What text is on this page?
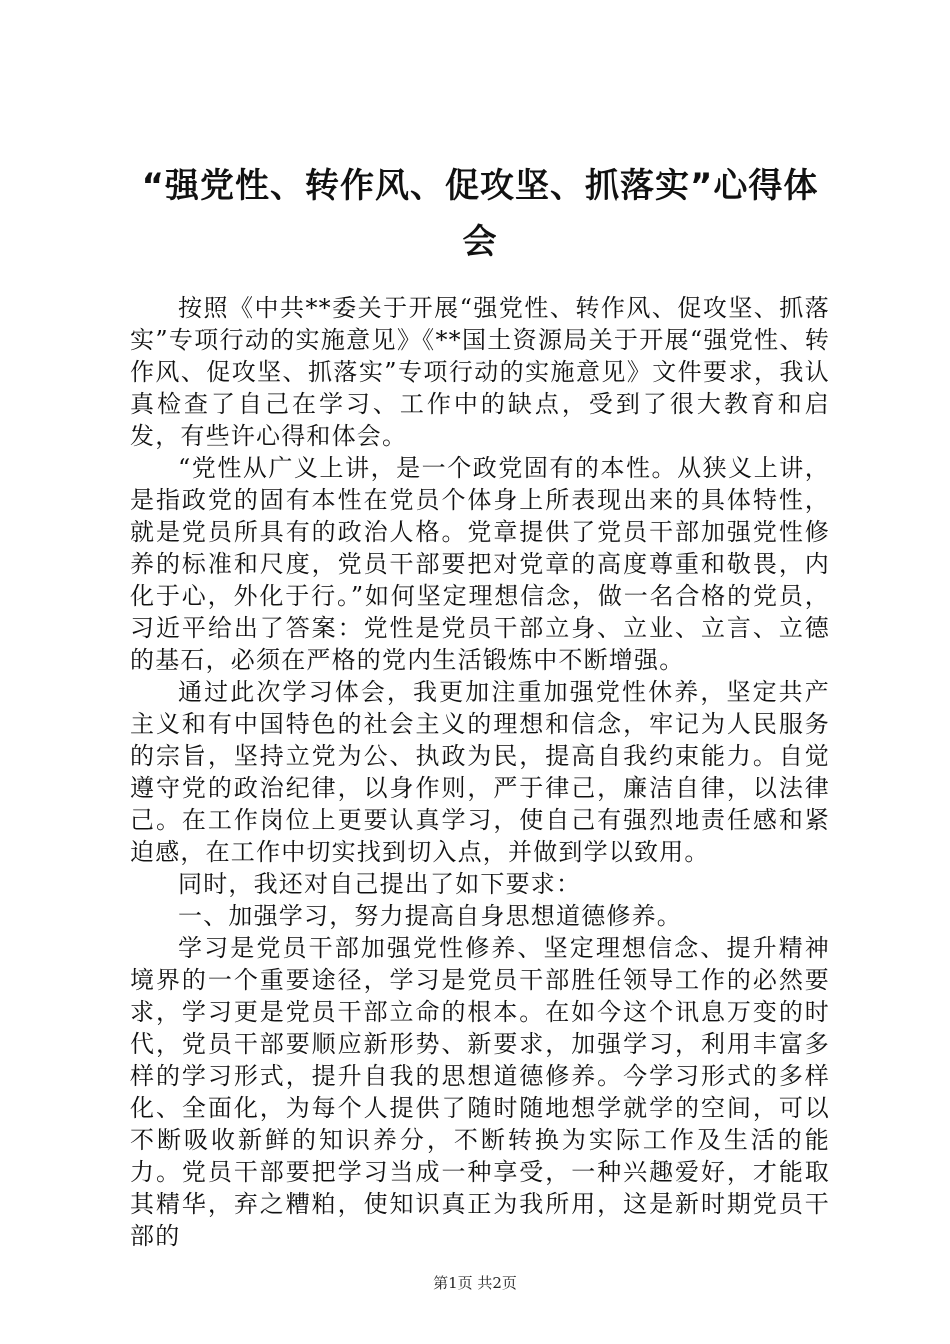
“强党性、转作风、促攻坚、抓落实”心得体会

按照《中共**委关于开展“强党性、转作风、促攻坚、抓落实”专项行动的实施意见》《**国土资源局关于开展“强党性、转作风、促攻坚、抓落实”专项行动的实施意见》文件要求，我认真检查了自己在学习、工作中的缺点，受到了很大教育和启发，有些许心得和体会。

“党性从广义上讲，是一个政党固有的本性。从狭义上讲，是指政党的固有本性在党员个体身上所表现出来的具体特性，就是党员所具有的政治人格。党章提供了党员干部加强党性修养的标准和尺度，党员干部要把对党章的高度尊重和敬畏，内化于心，外化于行。”如何坚定理想信念，做一名合格的党员，习近平给出了答案：党性是党员干部立身、立业、立言、立德的基石，必须在严格的党内生活锻炼中不断增强。

通过此次学习体会，我更加注重加强党性休养，坚定共产主义和有中国特色的社会主义的理想和信念，牢记为人民服务的宗旨，坚持立党为公、执政为民，提高自我约束能力。自觉遵守党的政治纪律，以身作则，严于律己，廉洁自律，以法律己。在工作岗位上更要认真学习，使自己有强烈地责任感和紧迫感，在工作中切实找到切入点，并做到学以致用。

同时，我还对自己提出了如下要求：

一、加强学习，努力提高自身思想道德修养。

学习是党员干部加强党性修养、坚定理想信念、提升精神境界的一个重要途径，学习是党员干部胜任领导工作的必然要求，学习更是党员干部立命的根本。在如今这个讯息万变的时代，党员干部要顺应新形势、新要求，加强学习，利用丰富多样的学习形式，提升自我的思想道德修养。今学习形式的多样化、全面化，为每个人提供了随时随地想学就学的空间，可以不断吸收新鲜的知识养分，不断转换为实际工作及生活的能力。党员干部要把学习当成一种享受，一种兴趣爱好，才能取其精华，弃之糟粕，使知识真正为我所用，这是新时期党员干部的

第1页 共2页
